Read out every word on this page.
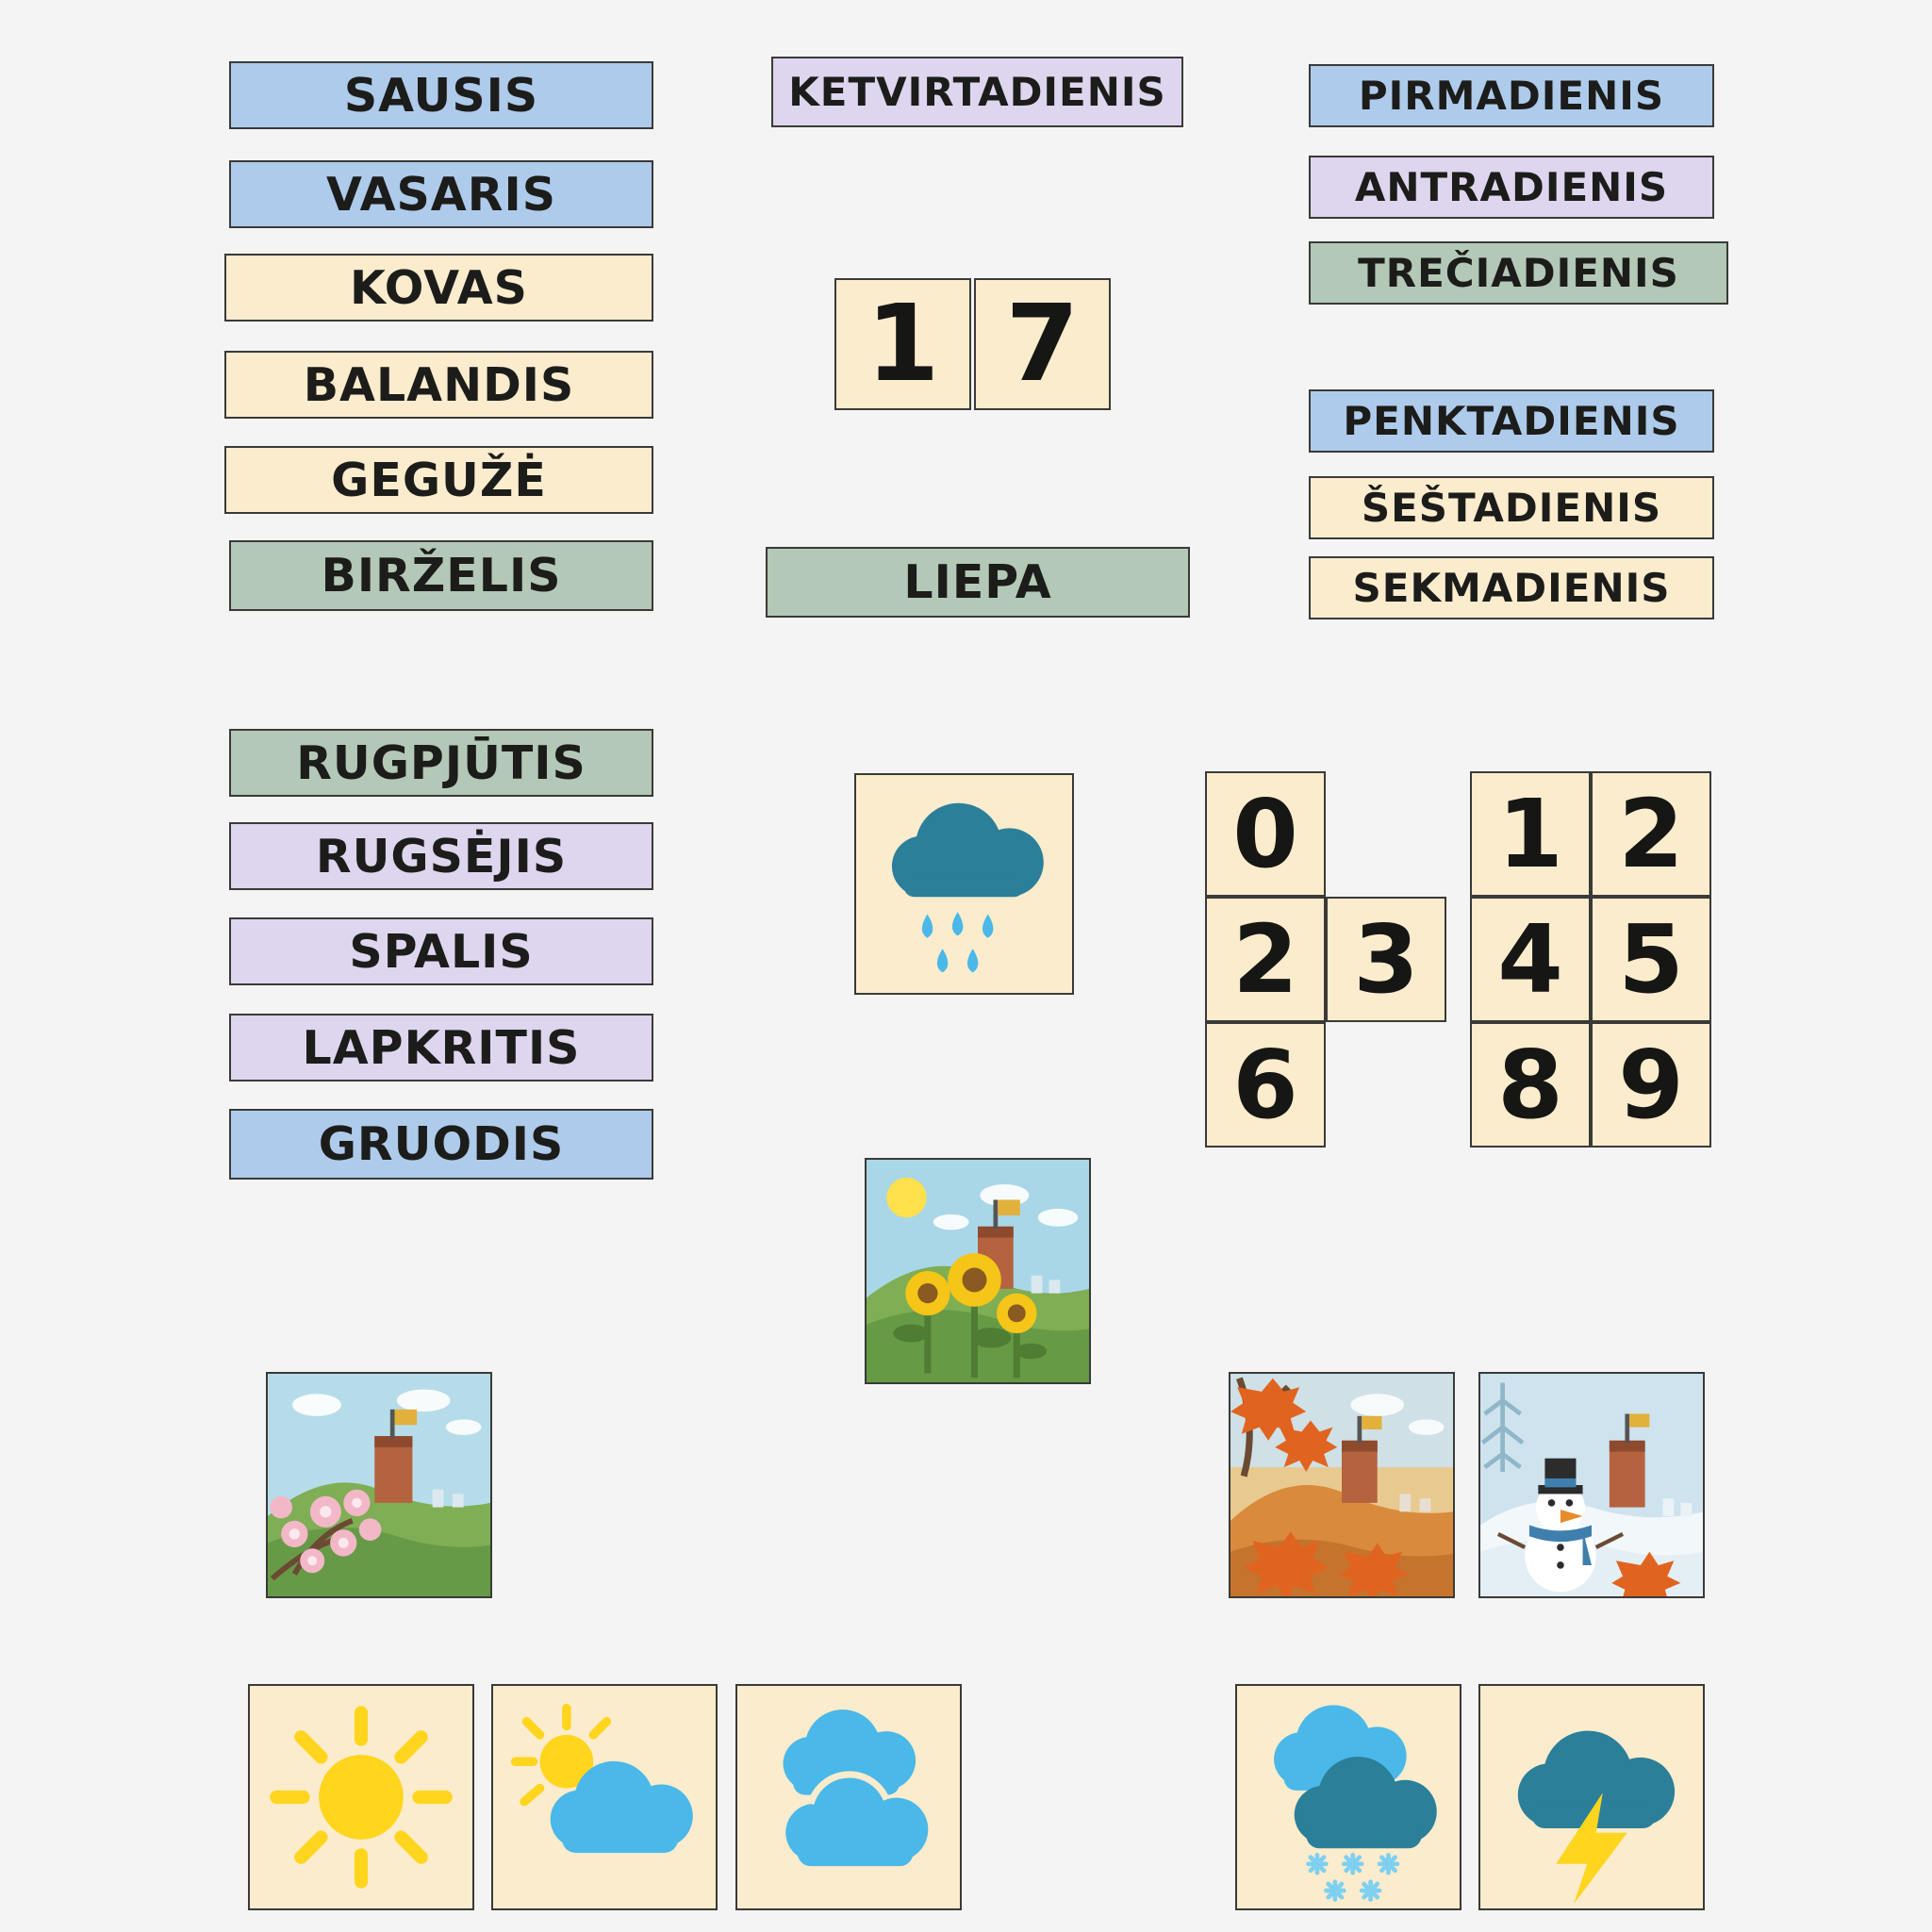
SAUSIS
VASARIS
KOVAS
BALANDIS
GEGUŽĖ
BIRŽELIS
RUGPJŪTIS
RUGSĖJIS
SPALIS
LAPKRITIS
GRUODIS
KETVIRTADIENIS
1 7
LIEPA
PIRMADIENIS
ANTRADIENIS
TREČIADIENIS
PENKTADIENIS
ŠEŠTADIENIS
SEKMADIENIS
0 1 2
2 3 4 5
6 8 9
